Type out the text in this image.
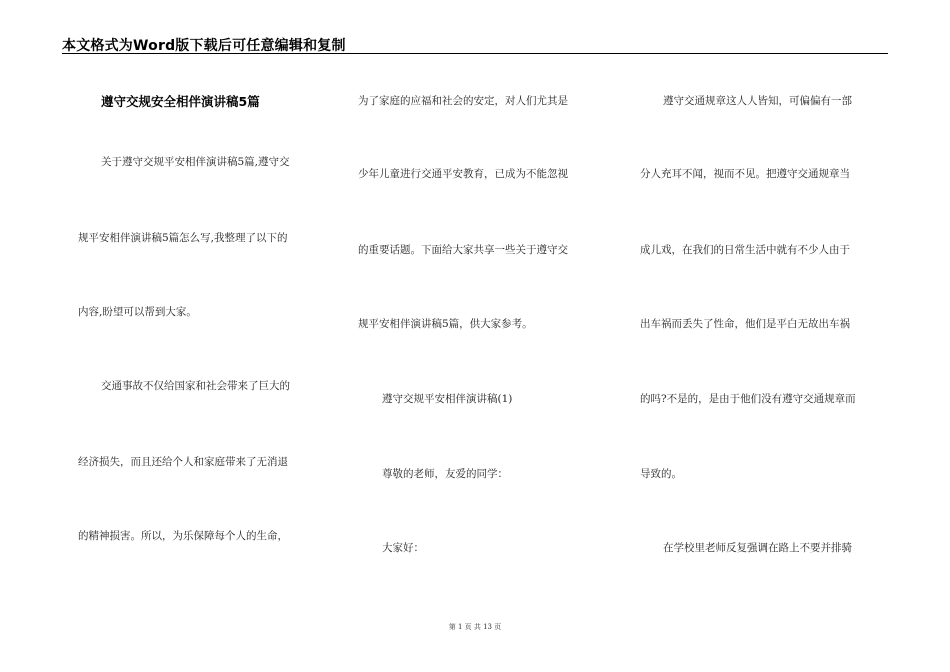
本文格式为Word版下载后可任意编辑和复制
遵守交规安全相伴演讲稿5篇
关于遵守交规平安相伴演讲稿5篇,遵守交
规平安相伴演讲稿5篇怎么写,我整理了以下的
内容,盼望可以帮到大家。
交通事故不仅给国家和社会带来了巨大的
经济损失，而且还给个人和家庭带来了无消退
的精神损害。所以，为乐保障每个人的生命，
为了家庭的应福和社会的安定，对人们尤其是
少年儿童进行交通平安教育，已成为不能忽视
的重要话题。下面给大家共享一些关于遵守交
规平安相伴演讲稿5篇，供大家参考。
遵守交规平安相伴演讲稿(1)
尊敬的老师，友爱的同学：
大家好：
遵守交通规章这人人皆知，可偏偏有一部
分人充耳不闻，视而不见。把遵守交通规章当
成儿戏，在我们的日常生活中就有不少人由于
出车祸而丢失了性命，他们是平白无故出车祸
的吗?不是的，是由于他们没有遵守交通规章而
导致的。
在学校里老师反复强调在路上不要并排骑
第 1 页 共 13 页
